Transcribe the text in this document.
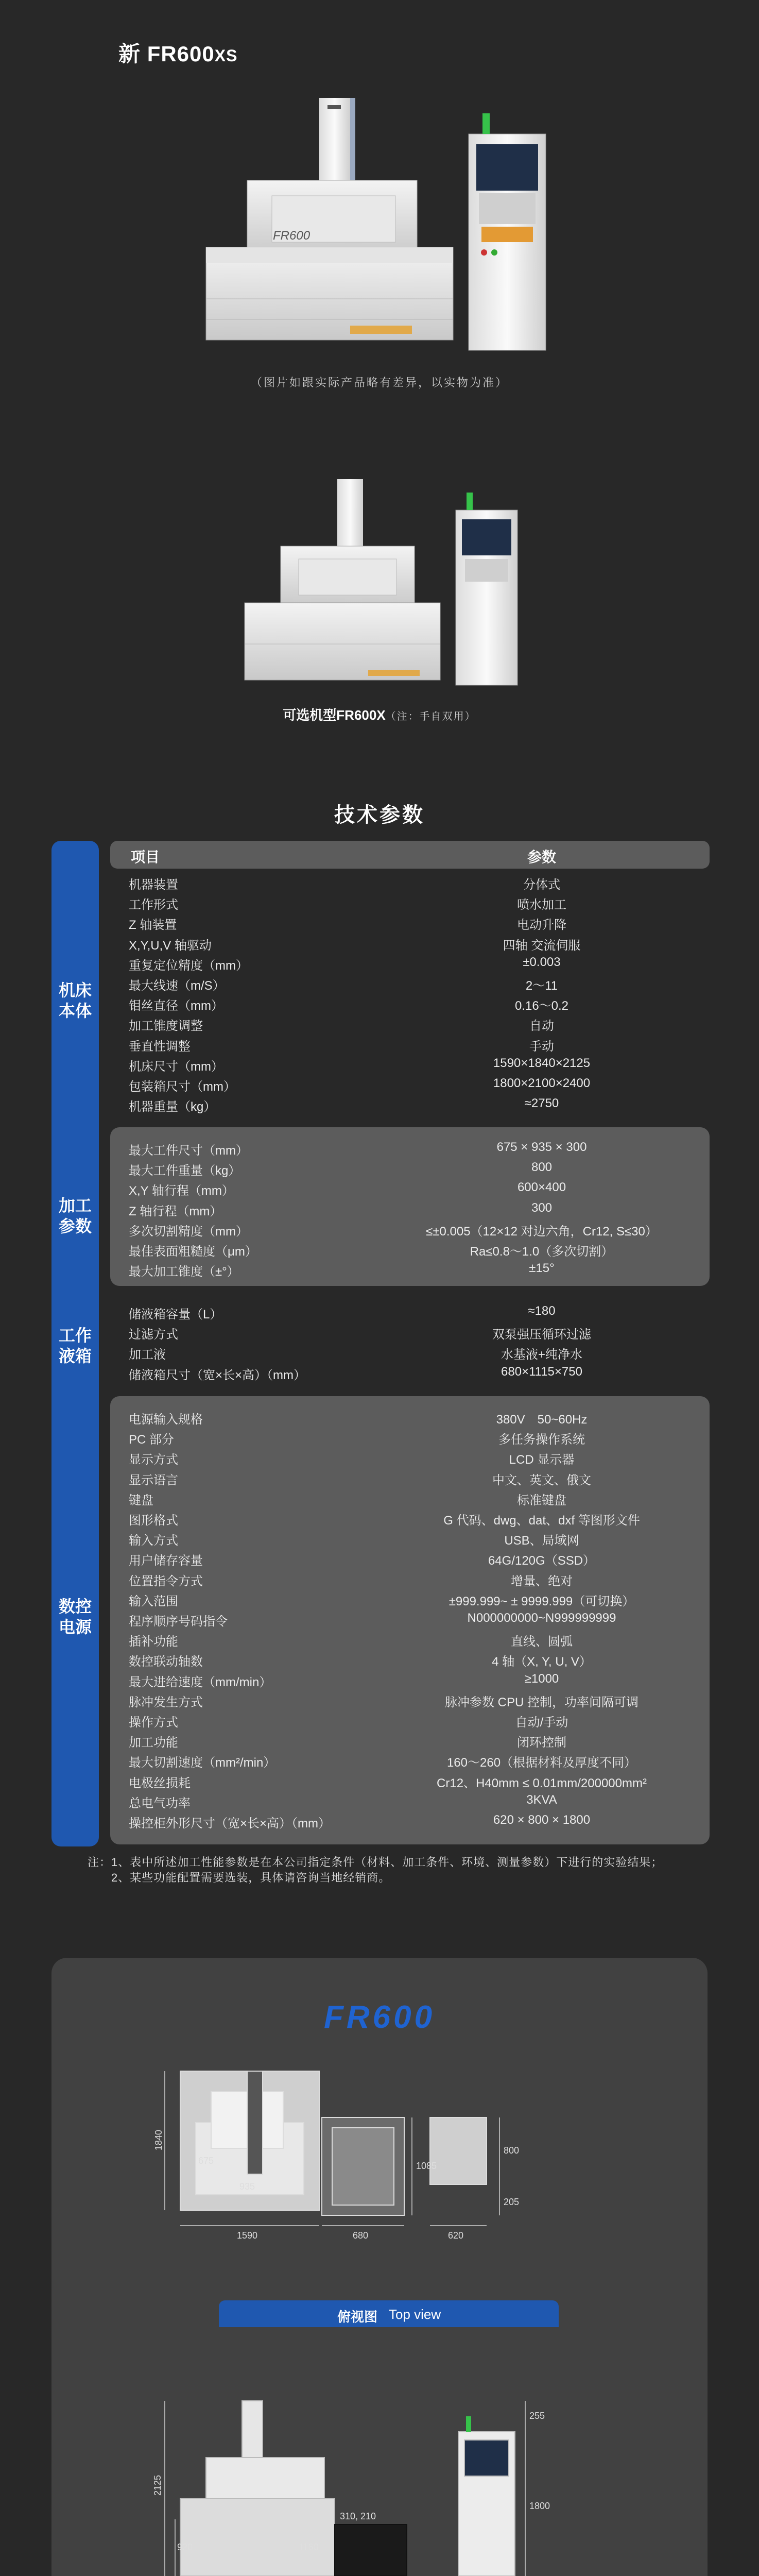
新 FR600XS
FR600
（图片如跟实际产品略有差异，以实物为准）
可选机型FR600X（注：手自双用）
技术参数
机床本体
加工参数
工作液箱
数控电源
项目	参数
机器装置	分体式
工作形式	喷水加工
Z 轴装置	电动升降
X,Y,U,V 轴驱动	四轴 交流伺服
重复定位精度（mm）	±0.003
最大线速（m/S）	2～11
钼丝直径（mm）	0.16～0.2
加工锥度调整	自动
垂直性调整	手动
机床尺寸（mm）	1590×1840×2125
包装箱尺寸（mm）	1800×2100×2400
机器重量（kg）	≈2750
最大工件尺寸（mm）	675 × 935 × 300
最大工件重量（kg）	800
X,Y 轴行程（mm）	600×400
Z 轴行程（mm）	300
多次切割精度（mm）	≤±0.005（12×12 对边六角，Cr12, S≤30）
最佳表面粗糙度（μm）	Ra≤0.8～1.0（多次切割）
最大加工锥度（±°）	±15°
储液箱容量（L）	≈180
过滤方式	双泵强压循环过滤
加工液	水基液+纯净水
储液箱尺寸（宽×长×高）（mm）	680×1115×750
电源输入规格	380V　50~60Hz
PC 部分	多任务操作系统
显示方式	LCD 显示器
显示语言	中文、英文、俄文
键盘	标准键盘
图形格式	G 代码、dwg、dat、dxf 等图形文件
输入方式	USB、局域网
用户储存容量	64G/120G（SSD）
位置指令方式	增量、绝对
输入范围	±999.999~ ± 9999.999（可切换）
程序顺序号码指令	N000000000~N999999999
插补功能	直线、圆弧
数控联动轴数	4 轴（X, Y, U, V）
最大进给速度（mm/min）	≥1000
脉冲发生方式	脉冲参数 CPU 控制，功率间隔可调
操作方式	自动/手动
加工功能	闭环控制
最大切割速度（mm²/min）	160～260（根据材料及厚度不同）
电极丝损耗	Cr12、H40mm ≤ 0.01mm/200000mm²
总电气功率	3KVA
操控柜外形尺寸（宽×长×高）（mm）	620 × 800 × 1800
注：1、表中所述加工性能参数是在本公司指定条件（材料、加工条件、环境、测量参数）下进行的实验结果；
　　2、某些功能配置需要选装，具体请咨询当地经销商。
FR600
1840
1590	680	620
935
675	1085
800
205
俯视图 Top view
2125
920	1160
310, 210
1800
255
